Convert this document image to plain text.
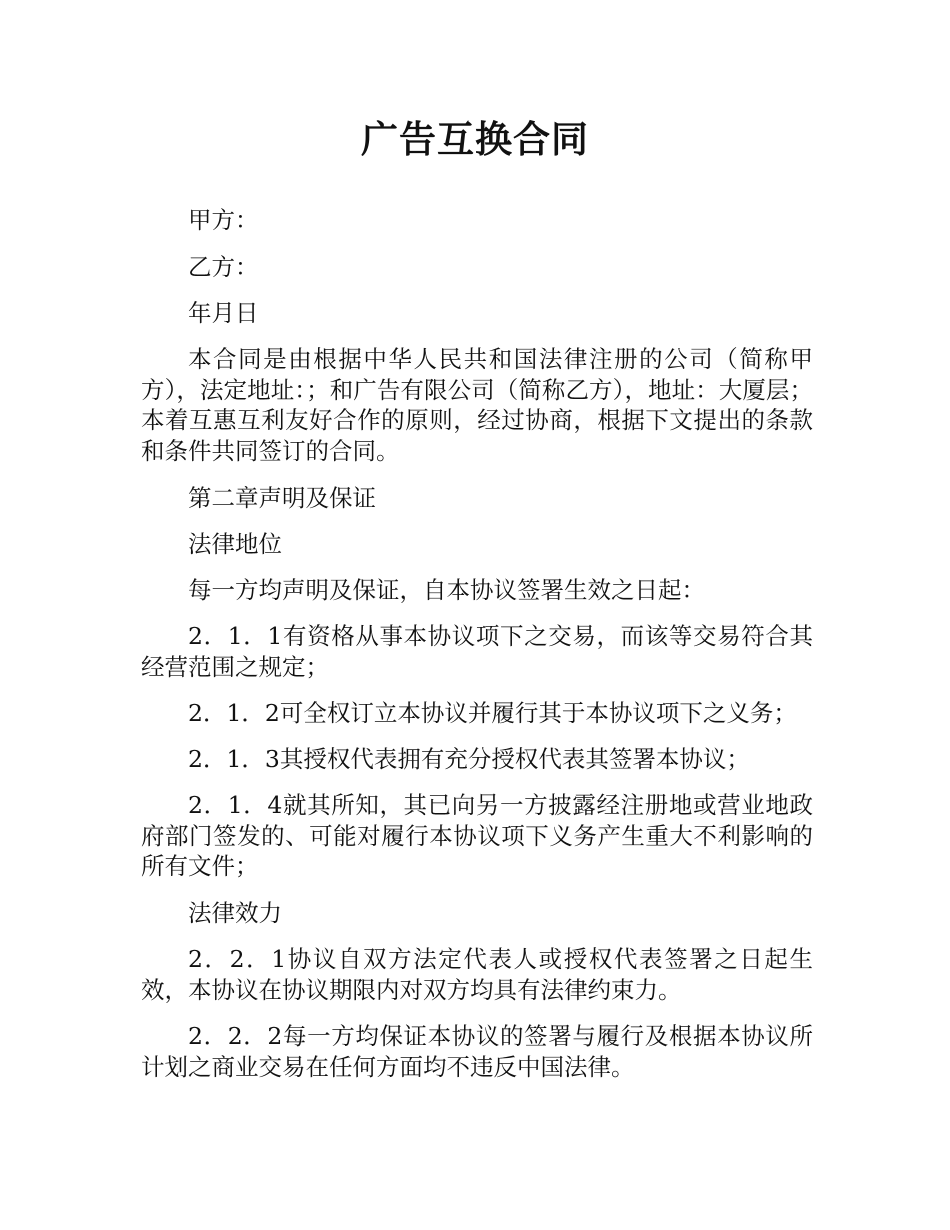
广告互换合同

甲方：

乙方：

年月日

本合同是由根据中华人民共和国法律注册的公司（简称甲方），法定地址：；和广告有限公司（简称乙方），地址：大厦层；本着互惠互利友好合作的原则，经过协商，根据下文提出的条款和条件共同签订的合同。

第二章声明及保证

法律地位

每一方均声明及保证，自本协议签署生效之日起：

2．1．1有资格从事本协议项下之交易，而该等交易符合其经营范围之规定；

2．1．2可全权订立本协议并履行其于本协议项下之义务；

2．1．3其授权代表拥有充分授权代表其签署本协议；

2．1．4就其所知，其已向另一方披露经注册地或营业地政府部门签发的、可能对履行本协议项下义务产生重大不利影响的所有文件；

法律效力

2．2．1协议自双方法定代表人或授权代表签署之日起生效，本协议在协议期限内对双方均具有法律约束力。

2．2．2每一方均保证本协议的签署与履行及根据本协议所计划之商业交易在任何方面均不违反中国法律。
